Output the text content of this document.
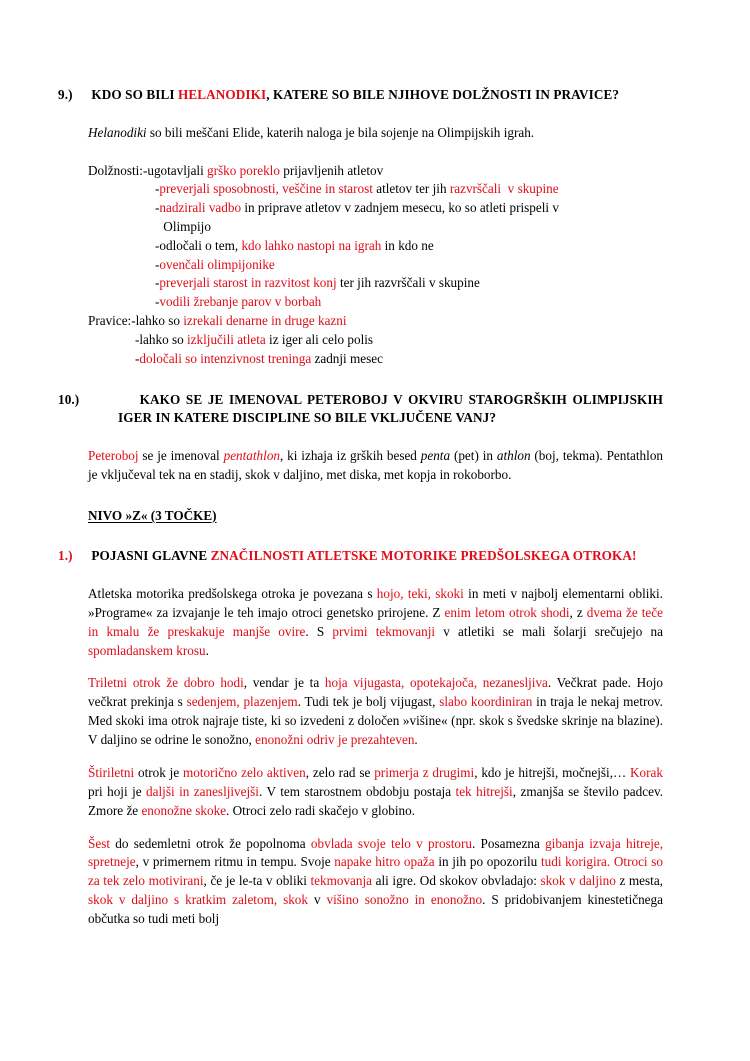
9.) KDO SO BILI HELANODIKI, KATERE SO BILE NJIHOVE DOLŽNOSTI IN PRAVICE?

Helanodiki so bili meščani Elide, katerih naloga je bila sojenje na Olimpijskih igrah.

Dolžnosti:-ugotavljali grško poreklo prijavljenih atletov
-preverjali sposobnosti, veščine in starost atletov ter jih razvrščali  v skupine
-nadzirali vadbo in pripravе atletov v zadnjem mesecu, ko so atleti prispeli v
Olimpijo
-odločali o tem, kdo lahko nastopi na igrah in kdo ne
-ovenčali olimpijonike
-preverjali starost in razvitost konj ter jih razvrščali v skupine
-vodili žrebanje parov v borbah
Pravice:-lahko so izrekali denarne in druge kazni
-lahko so izključili atleta iz iger ali celo polis
-določali so intenzivnost treninga zadnji mesec
10.)	KAKO SE JE IMENOVAL PETEROBOJ V OKVIRU STAROGRŠKIH OLIMPIJSKIH IGER IN KATERE DISCIPLINE SO BILE VKLJUČENE VANJ?

Peteroboj se je imenoval pentathlon, ki izhaja iz grških besed penta (pet) in athlon (boj, tekma). Pentathlon je vključeval tek na en stadij, skok v daljino, met diska, met kopja in rokoborbo.

NIVO »Z« (3 TOČKE)
1.) POJASNI GLAVNE ZNAČILNOSTI ATLETSKE MOTORIKE PREDŠOLSKEGA OTROKA!

Atletska motorika predšolskega otroka je povezana s hojo, teki, skoki in meti v najbolj elementarni obliki. »Programe« za izvajanje le teh imajo otroci genetsko prirojene. Z enim letom otrok shodi, z dvema že teče in kmalu že preskakuje manjše ovire. S prvimi tekmovanji v atletiki se mali šolarji srečujejo na spomladanskem krosu.

Triletni otrok že dobro hodi, vendar je ta hoja vijugasta, opotekajoča, nezanesljiva. Večkrat pade. Hojo večkrat prekinja s sedenjem, plazenjem. Tudi tek je bolj vijugast, slabo koordiniran in traja le nekaj metrov. Med skoki ima otrok najraje tiste, ki so izvedeni z določen »višine« (npr. skok s švedske skrinje na blazine). V daljino se odrine le sonožno, enonožni odriv je prezahteven.

Štiriletni otrok je motorično zelo aktiven, zelo rad se primerja z drugimi, kdo je hitrejši, močnejši,… Korak pri hoji je daljši in zanesljivejši. V tem starostnem obdobju postaja tek hitrejši, zmanjša se število padcev. Zmore že enonožne skoke. Otroci zelo radi skačejo v globino.

Šest do sedemletni otrok že popolnoma obvlada svoje telo v prostoru. Posamezna gibanja izvaja hitreje, spretneje, v primernem ritmu in tempu. Svoje napake hitro opaža in jih po opozorilu tudi korigira. Otroci so za tek zelo motivirani, če je le-ta v obliki tekmovanja ali igre. Od skokov obvladajo: skok v daljino z mesta, skok v daljino s kratkim zaletom, skok v višino sonožno in enonožno. S pridobivanjem kinestetičnega občutka so tudi meti bolj
